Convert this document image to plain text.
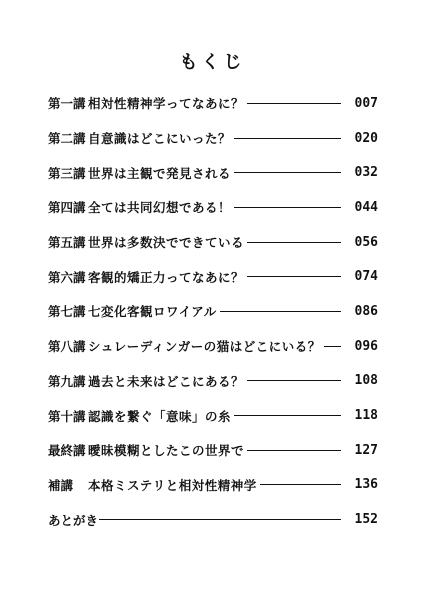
もくじ
第一講 相対性精神学ってなあに？	007
第二講 自意識はどこにいった？	020
第三講 世界は主観で発見される	032
第四講 全ては共同幻想である！	044
第五講 世界は多数決でできている	056
第六講 客観的矯正力ってなあに？	074
第七講 七変化客観ロワイアル	086
第八講 シュレーディンガーの猫はどこにいる？	096
第九講 過去と未来はどこにある？	108
第十講 認識を繋ぐ「意味」の糸	118
最終講 曖昧模糊としたこの世界で	127
補講	本格ミステリと相対性精神学	136
あとがき	152
